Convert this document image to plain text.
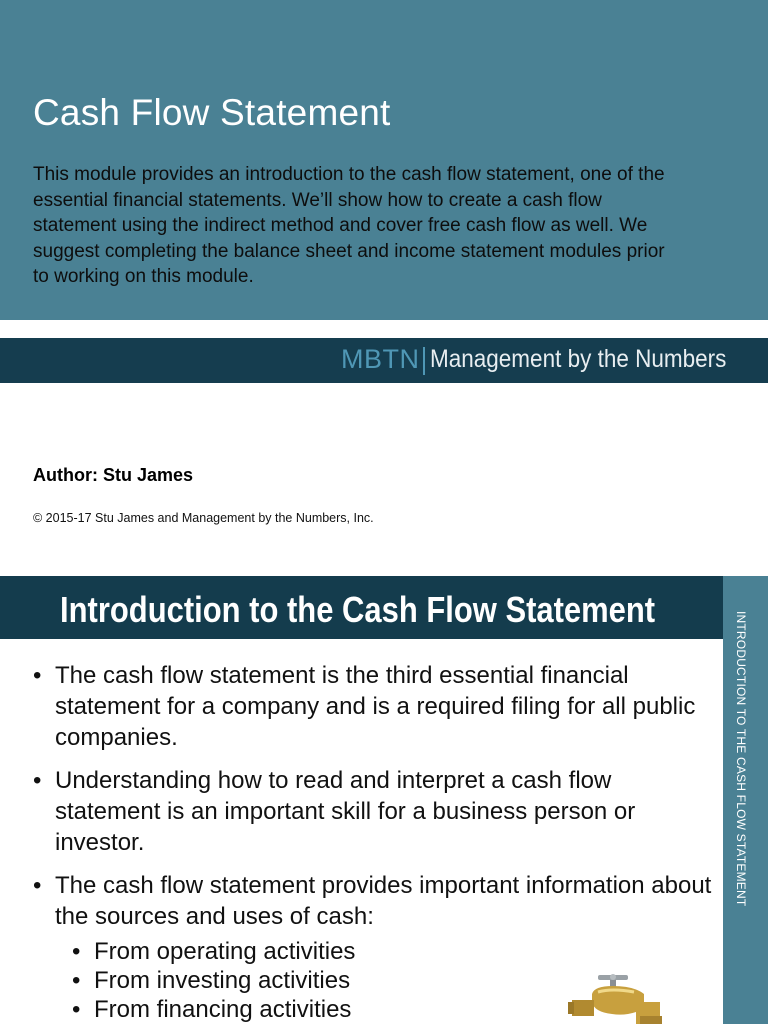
Cash Flow Statement

This module provides an introduction to the cash flow statement, one of the essential financial statements. We’ll show how to create a cash flow statement using the indirect method and cover free cash flow as well. We suggest completing the balance sheet and income statement modules prior to working on this module.

MBTN Management by the Numbers

Author: Stu James

© 2015-17 Stu James and Management by the Numbers, Inc.

Introduction to the Cash Flow Statement
INTRODUCTION TO THE CASH FLOW STATEMENT
• The cash flow statement is the third essential financial statement for a company and is a required filing for all public companies.
• Understanding how to read and interpret a cash flow statement is an important skill for a business person or investor.
• The cash flow statement provides important information about the sources and uses of cash:
• From operating activities
• From investing activities
• From financing activities
